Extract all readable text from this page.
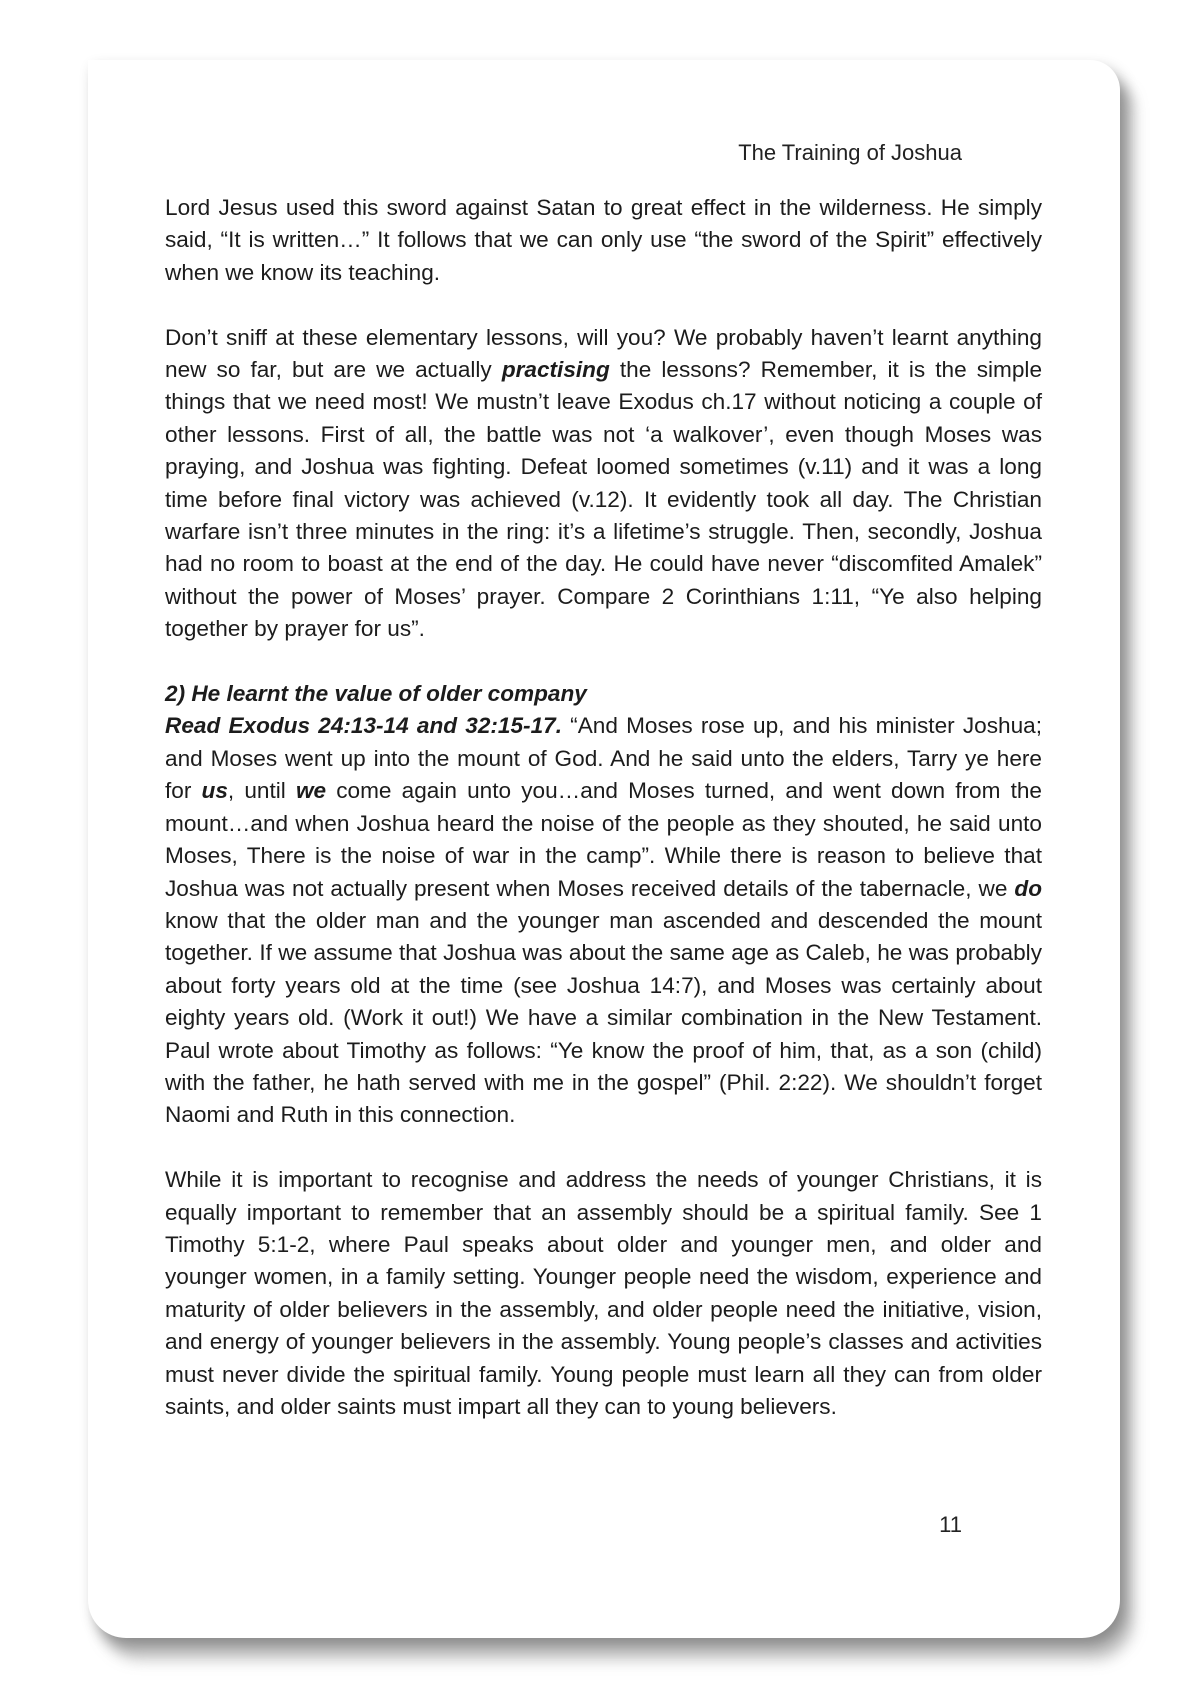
The Training of Joshua

Lord Jesus used this sword against Satan to great effect in the wilderness. He simply said, “It is written…” It follows that we can only use “the sword of the Spirit” effectively when we know its teaching.

Don’t sniff at these elementary lessons, will you? We probably haven’t learnt anything new so far, but are we actually practising the lessons? Remember, it is the simple things that we need most! We mustn’t leave Exodus ch.17 without noticing a couple of other lessons. First of all, the battle was not ‘a walkover’, even though Moses was praying, and Joshua was fighting. Defeat loomed sometimes (v.11) and it was a long time before final victory was achieved (v.12). It evidently took all day. The Christian warfare isn’t three minutes in the ring: it’s a lifetime’s struggle. Then, secondly, Joshua had no room to boast at the end of the day. He could have never “discomfited Amalek” without the power of Moses’ prayer. Compare 2 Corinthians 1:11, “Ye also helping together by prayer for us”.

2) He learnt the value of older company
Read Exodus 24:13-14 and 32:15-17. “And Moses rose up, and his minister Joshua; and Moses went up into the mount of God. And he said unto the elders, Tarry ye here for us, until we come again unto you…and Moses turned, and went down from the mount…and when Joshua heard the noise of the people as they shouted, he said unto Moses, There is the noise of war in the camp”. While there is reason to believe that Joshua was not actually present when Moses received details of the tabernacle, we do know that the older man and the younger man ascended and descended the mount together. If we assume that Joshua was about the same age as Caleb, he was probably about forty years old at the time (see Joshua 14:7), and Moses was certainly about eighty years old. (Work it out!) We have a similar combination in the New Testament. Paul wrote about Timothy as follows: “Ye know the proof of him, that, as a son (child) with the father, he hath served with me in the gospel” (Phil. 2:22). We shouldn’t forget Naomi and Ruth in this connection.

While it is important to recognise and address the needs of younger Christians, it is equally important to remember that an assembly should be a spiritual family. See 1 Timothy 5:1-2, where Paul speaks about older and younger men, and older and younger women, in a family setting. Younger people need the wisdom, experience and maturity of older believers in the assembly, and older people need the initiative, vision, and energy of younger believers in the assembly. Young people’s classes and activities must never divide the spiritual family. Young people must learn all they can from older saints, and older saints must impart all they can to young believers.

11
